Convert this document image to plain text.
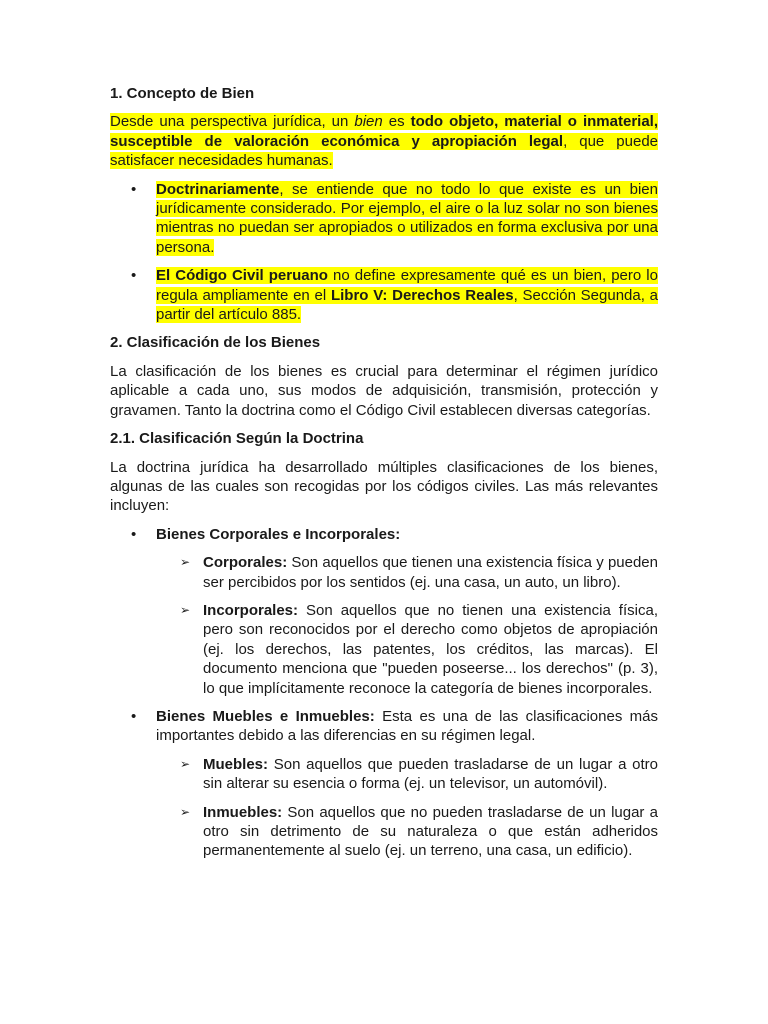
1. Concepto de Bien

Desde una perspectiva jurídica, un bien es todo objeto, material o inmaterial, susceptible de valoración económica y apropiación legal, que puede satisfacer necesidades humanas.

• Doctrinariamente, se entiende que no todo lo que existe es un bien jurídicamente considerado. Por ejemplo, el aire o la luz solar no son bienes mientras no puedan ser apropiados o utilizados en forma exclusiva por una persona.
• El Código Civil peruano no define expresamente qué es un bien, pero lo regula ampliamente en el Libro V: Derechos Reales, Sección Segunda, a partir del artículo 885.
2. Clasificación de los Bienes

La clasificación de los bienes es crucial para determinar el régimen jurídico aplicable a cada uno, sus modos de adquisición, transmisión, protección y gravamen. Tanto la doctrina como el Código Civil establecen diversas categorías.

2.1. Clasificación Según la Doctrina

La doctrina jurídica ha desarrollado múltiples clasificaciones de los bienes, algunas de las cuales son recogidas por los códigos civiles. Las más relevantes incluyen:

• Bienes Corporales e Incorporales:
➢ Corporales: Son aquellos que tienen una existencia física y pueden ser percibidos por los sentidos (ej. una casa, un auto, un libro).
➢ Incorporales: Son aquellos que no tienen una existencia física, pero son reconocidos por el derecho como objetos de apropiación (ej. los derechos, las patentes, los créditos, las marcas). El documento menciona que "pueden poseerse... los derechos" (p. 3), lo que implícitamente reconoce la categoría de bienes incorporales.
• Bienes Muebles e Inmuebles: Esta es una de las clasificaciones más importantes debido a las diferencias en su régimen legal.
➢ Muebles: Son aquellos que pueden trasladarse de un lugar a otro sin alterar su esencia o forma (ej. un televisor, un automóvil).
➢ Inmuebles: Son aquellos que no pueden trasladarse de un lugar a otro sin detrimento de su naturaleza o que están adheridos permanentemente al suelo (ej. un terreno, una casa, un edificio).
